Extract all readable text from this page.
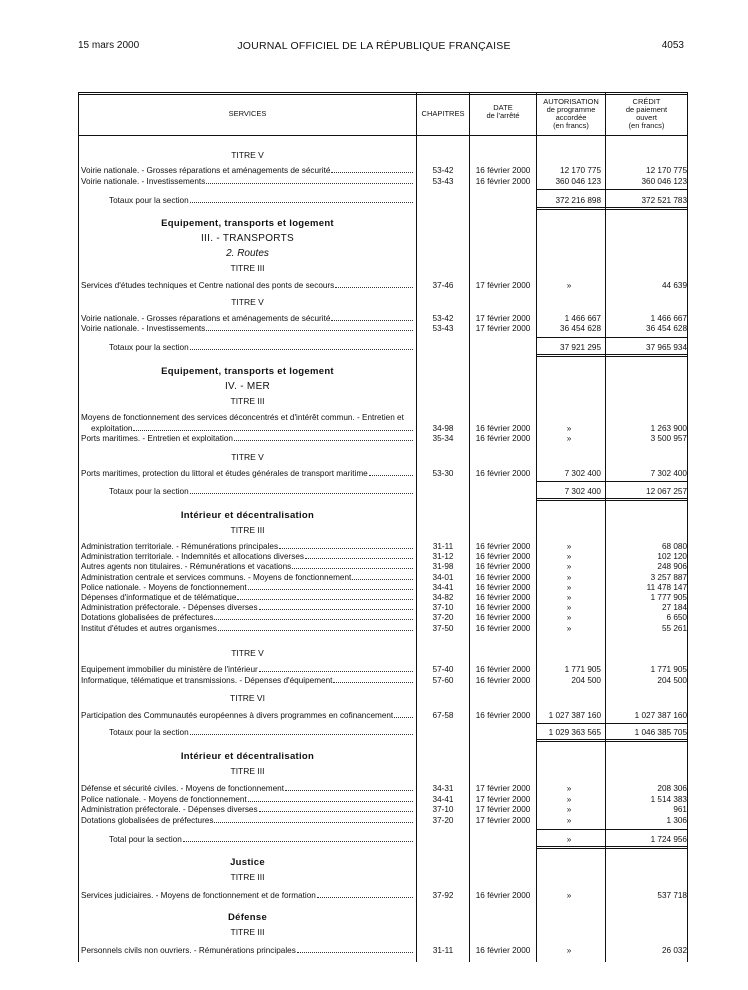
15 mars 2000	JOURNAL OFFICIEL DE LA RÉPUBLIQUE FRANÇAISE	4053
SERVICES	CHAPITRES
DATE
de l'arrêté
AUTORISATION
de programme
accordée
(en francs)
CRÉDIT
de paiement
ouvert
(en francs)
TITRE V
Voirie nationale. - Grosses réparations et aménagements de sécurité	53-42	16 février 2000	12 170 775	12 170 775
Voirie nationale. - Investissements	53-43	16 février 2000	360 046 123	360 046 123
Totaux pour la section	372 216 898	372 521 783
Equipement, transports et logement
III. - TRANSPORTS
2. Routes
TITRE III
Services d'études techniques et Centre national des ponts de secours	37-46	17 février 2000	»	44 639
TITRE V
Voirie nationale. - Grosses réparations et aménagements de sécurité	53-42	17 février 2000	1 466 667	1 466 667
Voirie nationale. - Investissements	53-43	17 février 2000	36 454 628	36 454 628
Totaux pour la section	37 921 295	37 965 934
Equipement, transports et logement
IV. - MER
TITRE III
Moyens de fonctionnement des services déconcentrés et d'intérêt commun. - Entretien et
exploitation	34-98	16 février 2000	»	1 263 900
Ports maritimes. - Entretien et exploitation	35-34	16 février 2000	»	3 500 957
TITRE V
Ports maritimes, protection du littoral et études générales de transport maritime	53-30	16 février 2000	7 302 400	7 302 400
Totaux pour la section	7 302 400	12 067 257
Intérieur et décentralisation
TITRE III
Administration territoriale. - Rémunérations principales	31-11	16 février 2000	»	68 080
Administration territoriale. - Indemnités et allocations diverses	31-12	16 février 2000	»	102 120
Autres agents non titulaires. - Rémunérations et vacations	31-98	16 février 2000	»	248 906
Administration centrale et services communs. - Moyens de fonctionnement	34-01	16 février 2000	»	3 257 887
Police nationale. - Moyens de fonctionnement	34-41	16 février 2000	»	11 478 147
Dépenses d'informatique et de télématique	34-82	16 février 2000	»	1 777 905
Administration préfectorale. - Dépenses diverses	37-10	16 février 2000	»	27 184
Dotations globalisées de préfectures	37-20	16 février 2000	»	6 650
Institut d'études et autres organismes	37-50	16 février 2000	»	55 261
TITRE V
Equipement immobilier du ministère de l'intérieur	57-40	16 février 2000	1 771 905	1 771 905
Informatique, télématique et transmissions. - Dépenses d'équipement	57-60	16 février 2000	204 500	204 500
TITRE VI
Participation des Communautés européennes à divers programmes en cofinancement	67-58	16 février 2000	1 027 387 160	1 027 387 160
Totaux pour la section	1 029 363 565	1 046 385 705
Intérieur et décentralisation
TITRE III
Défense et sécurité civiles. - Moyens de fonctionnement	34-31	17 février 2000	»	208 306
Police nationale. - Moyens de fonctionnement	34-41	17 février 2000	»	1 514 383
Administration préfectorale. - Dépenses diverses	37-10	17 février 2000	»	961
Dotations globalisées de préfectures	37-20	17 février 2000	»	1 306
Total pour la section	»	1 724 956
Justice
TITRE III
Services judiciaires. - Moyens de fonctionnement et de formation	37-92	16 février 2000	»	537 718
Défense
TITRE III
Personnels civils non ouvriers. - Rémunérations principales	31-11	16 février 2000	»	26 032
